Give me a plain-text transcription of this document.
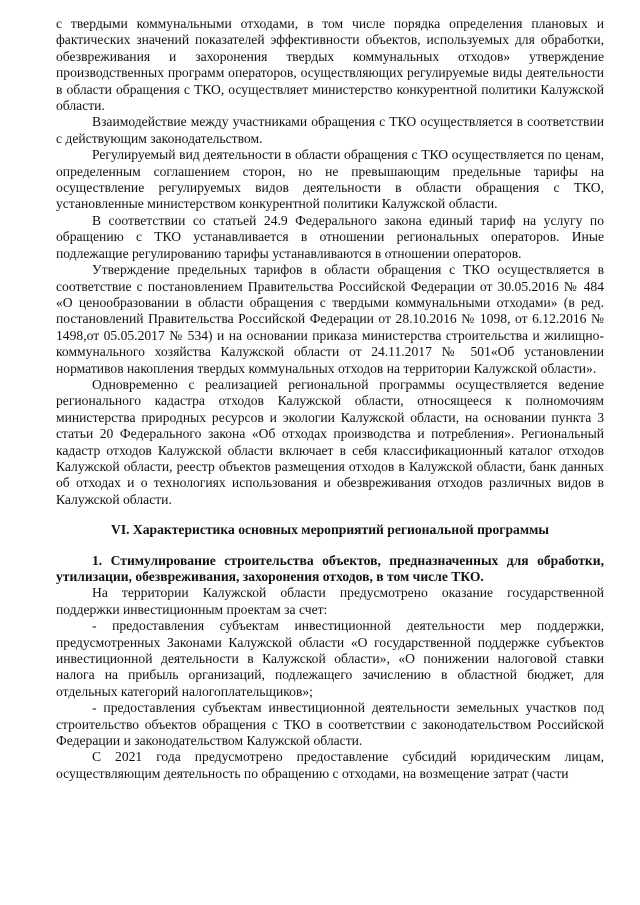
с твердыми коммунальными отходами, в том числе порядка определения плановых и фактических значений показателей эффективности объектов, используемых для обработки, обезвреживания и захоронения твердых коммунальных отходов» утверждение производственных программ операторов, осуществляющих регулируемые виды деятельности в области обращения с ТКО, осуществляет министерство конкурентной политики Калужской области.

Взаимодействие между участниками обращения с ТКО осуществляется в соответствии с действующим законодательством.

Регулируемый вид деятельности в области обращения с ТКО осуществляется по ценам, определенным соглашением сторон, но не превышающим предельные тарифы на осуществление регулируемых видов деятельности в области обращения с ТКО, установленные министерством конкурентной политики Калужской области.

В соответствии со статьей 24.9 Федерального закона единый тариф на услугу по обращению с ТКО устанавливается в отношении региональных операторов. Иные подлежащие регулированию тарифы устанавливаются в отношении операторов.

Утверждение предельных тарифов в области обращения с ТКО осуществляется в соответствие с постановлением Правительства Российской Федерации от 30.05.2016 № 484 «О ценообразовании в области обращения с твердыми коммунальными отходами» (в ред. постановлений Правительства Российской Федерации от 28.10.2016 № 1098, от 6.12.2016 № 1498,от 05.05.2017 № 534) и на основании приказа министерства строительства и жилищно-коммунального хозяйства Калужской области от 24.11.2017 № 501«Об установлении нормативов накопления твердых коммунальных отходов на территории Калужской области».

Одновременно с реализацией региональной программы осуществляется ведение регионального кадастра отходов Калужской области, относящееся к полномочиям министерства природных ресурсов и экологии Калужской области, на основании пункта 3 статьи 20 Федерального закона «Об отходах производства и потребления». Региональный кадастр отходов Калужской области включает в себя классификационный каталог отходов Калужской области, реестр объектов размещения отходов в Калужской области, банк данных об отходах и о технологиях использования и обезвреживания отходов различных видов в Калужской области.

VI. Характеристика основных мероприятий региональной программы

1. Стимулирование строительства объектов, предназначенных для обработки, утилизации, обезвреживания, захоронения отходов, в том числе ТКО.

На территории Калужской области предусмотрено оказание государственной поддержки инвестиционным проектам за счет:

- предоставления субъектам инвестиционной деятельности мер поддержки, предусмотренных Законами Калужской области «О государственной поддержке субъектов инвестиционной деятельности в Калужской области», «О понижении налоговой ставки налога на прибыль организаций, подлежащего зачислению в областной бюджет, для отдельных категорий налогоплательщиков»;

- предоставления субъектам инвестиционной деятельности земельных участков под строительство объектов обращения с ТКО в соответствии с законодательством Российской Федерации и законодательством Калужской области.

С 2021 года предусмотрено предоставление субсидий юридическим лицам, осуществляющим деятельность по обращению с отходами, на возмещение затрат (части
